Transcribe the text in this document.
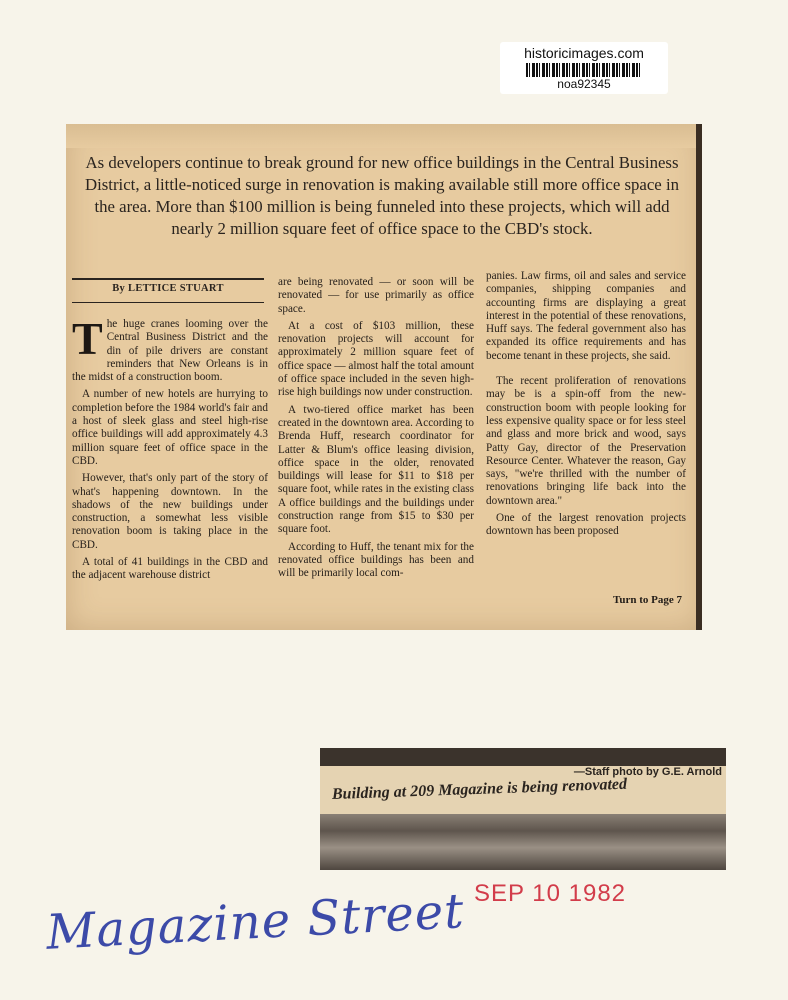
historicimages.com
noa92345
As developers continue to break ground for new office buildings in the Central Business District, a little-noticed surge in renovation is making available still more office space in the area. More than $100 million is being funneled into these projects, which will add nearly 2 million square feet of office space to the CBD's stock.
By LETTICE STUART

The huge cranes looming over the Central Business District and the din of pile drivers are constant reminders that New Orleans is in the midst of a construction boom.

A number of new hotels are hurrying to completion before the 1984 world's fair and a host of sleek glass and steel high-rise office buildings will add approximately 4.3 million square feet of office space in the CBD.

However, that's only part of the story of what's happening downtown. In the shadows of the new buildings under construction, a somewhat less visible renovation boom is taking place in the CBD.

A total of 41 buildings in the CBD and the adjacent warehouse district

are being renovated — or soon will be renovated — for use primarily as office space.

At a cost of $103 million, these renovation projects will account for approximately 2 million square feet of office space — almost half the total amount of office space included in the seven high-rise high buildings now under construction.

A two-tiered office market has been created in the downtown area. According to Brenda Huff, research coordinator for Latter & Blum's office leasing division, office space in the older, renovated buildings will lease for $11 to $18 per square foot, while rates in the existing class A office buildings and the buildings under construction range from $15 to $30 per square foot.

According to Huff, the tenant mix for the renovated office buildings has been and will be primarily local com-

panies. Law firms, oil and sales and service companies, shipping companies and accounting firms are displaying a great interest in the potential of these renovations, Huff says. The federal government also has expanded its office requirements and has become tenant in these projects, she said.

The recent proliferation of renovations may be is a spin-off from the new-construction boom with people looking for less expensive quality space or for less steel and glass and more brick and wood, says Patty Gay, director of the Preservation Resource Center. Whatever the reason, Gay says, "we're thrilled with the number of renovations bringing life back into the downtown area."

One of the largest renovation projects downtown has been proposed

Turn to Page 7
—Staff photo by G.E. Arnold
Building at 209 Magazine is being renovated
SEP 10 1982
Magazine Street
